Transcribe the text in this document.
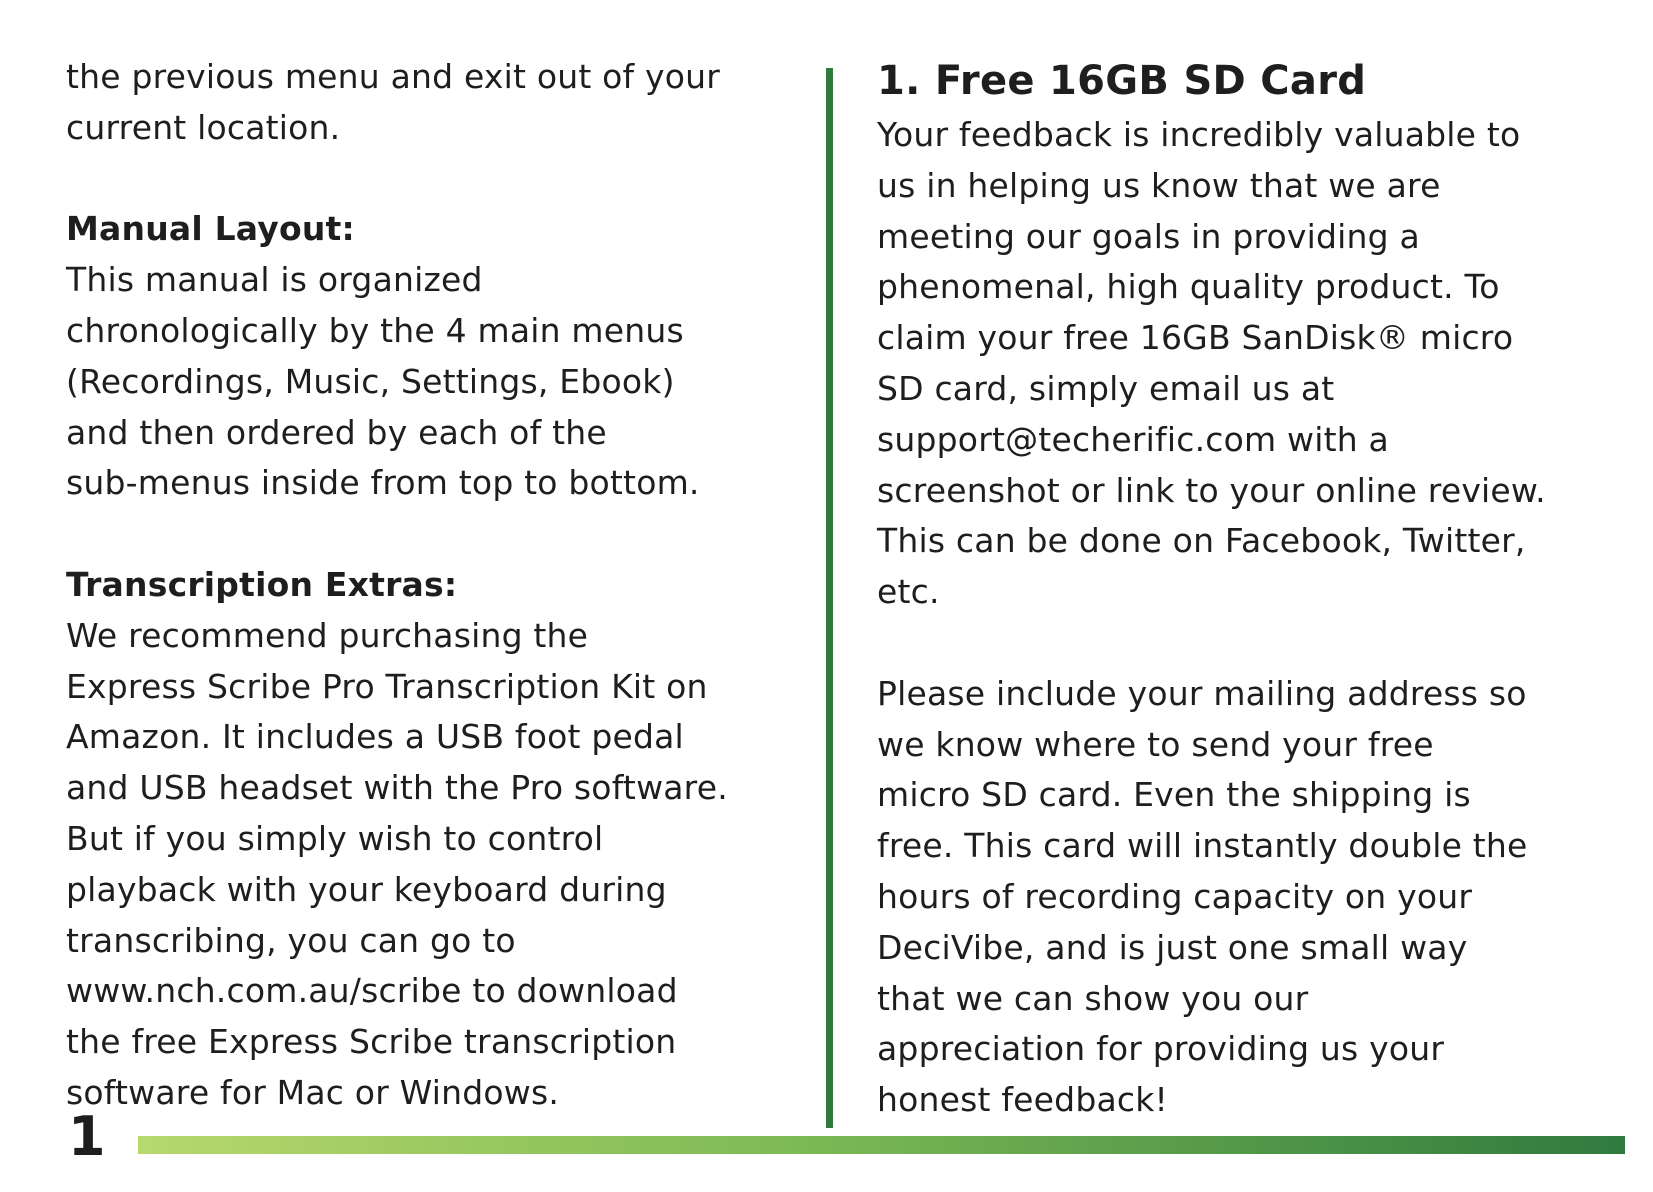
the previous menu and exit out of your
current location.
Manual Layout:
This manual is organized
chronologically by the 4 main menus
(Recordings, Music, Settings, Ebook)
and then ordered by each of the
sub-menus inside from top to bottom.
Transcription Extras:
We recommend purchasing the
Express Scribe Pro Transcription Kit on
Amazon. It includes a USB foot pedal
and USB headset with the Pro software.
But if you simply wish to control
playback with your keyboard during
transcribing, you can go to
www.nch.com.au/scribe to download
the free Express Scribe transcription
software for Mac or Windows.
1. Free 16GB SD Card
Your feedback is incredibly valuable to
us in helping us know that we are
meeting our goals in providing a
phenomenal, high quality product. To
claim your free 16GB SanDisk® micro
SD card, simply email us at
support@techerific.com with a
screenshot or link to your online review.
This can be done on Facebook, Twitter,
etc.
Please include your mailing address so
we know where to send your free
micro SD card. Even the shipping is
free. This card will instantly double the
hours of recording capacity on your
DeciVibe, and is just one small way
that we can show you our
appreciation for providing us your
honest feedback!
1
